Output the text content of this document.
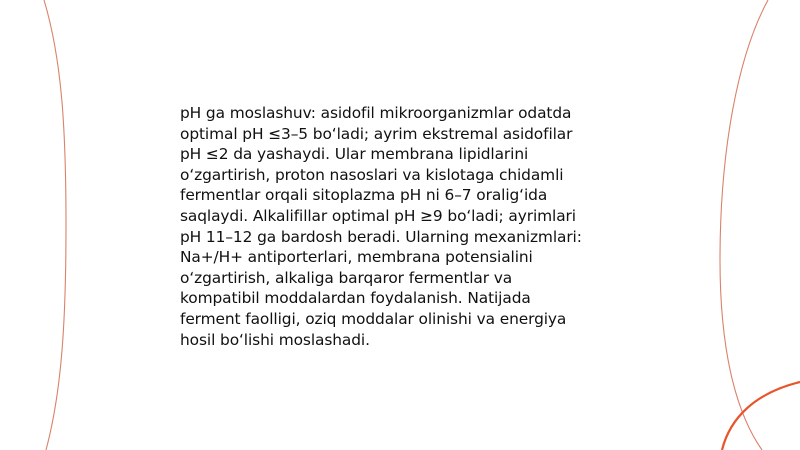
pH ga moslashuv: asidofil mikroorganizmlar odatda
optimal pH ≤3–5 boʻladi; ayrim ekstremal asidofilar
pH ≤2 da yashaydi. Ular membrana lipidlarini
oʻzgartirish, proton nasoslari va kislotaga chidamli
fermentlar orqali sitoplazma pH ni 6–7 oraligʻida
saqlaydi. Alkalifillar optimal pH ≥9 boʻladi; ayrimlari
pH 11–12 ga bardosh beradi. Ularning mexanizmlari:
Na+/H+ antiporterlari, membrana potensialini
oʻzgartirish, alkaliga barqaror fermentlar va
kompatibil moddalardan foydalanish. Natijada
ferment faolligi, oziq moddalar olinishi va energiya
hosil boʻlishi moslashadi.
